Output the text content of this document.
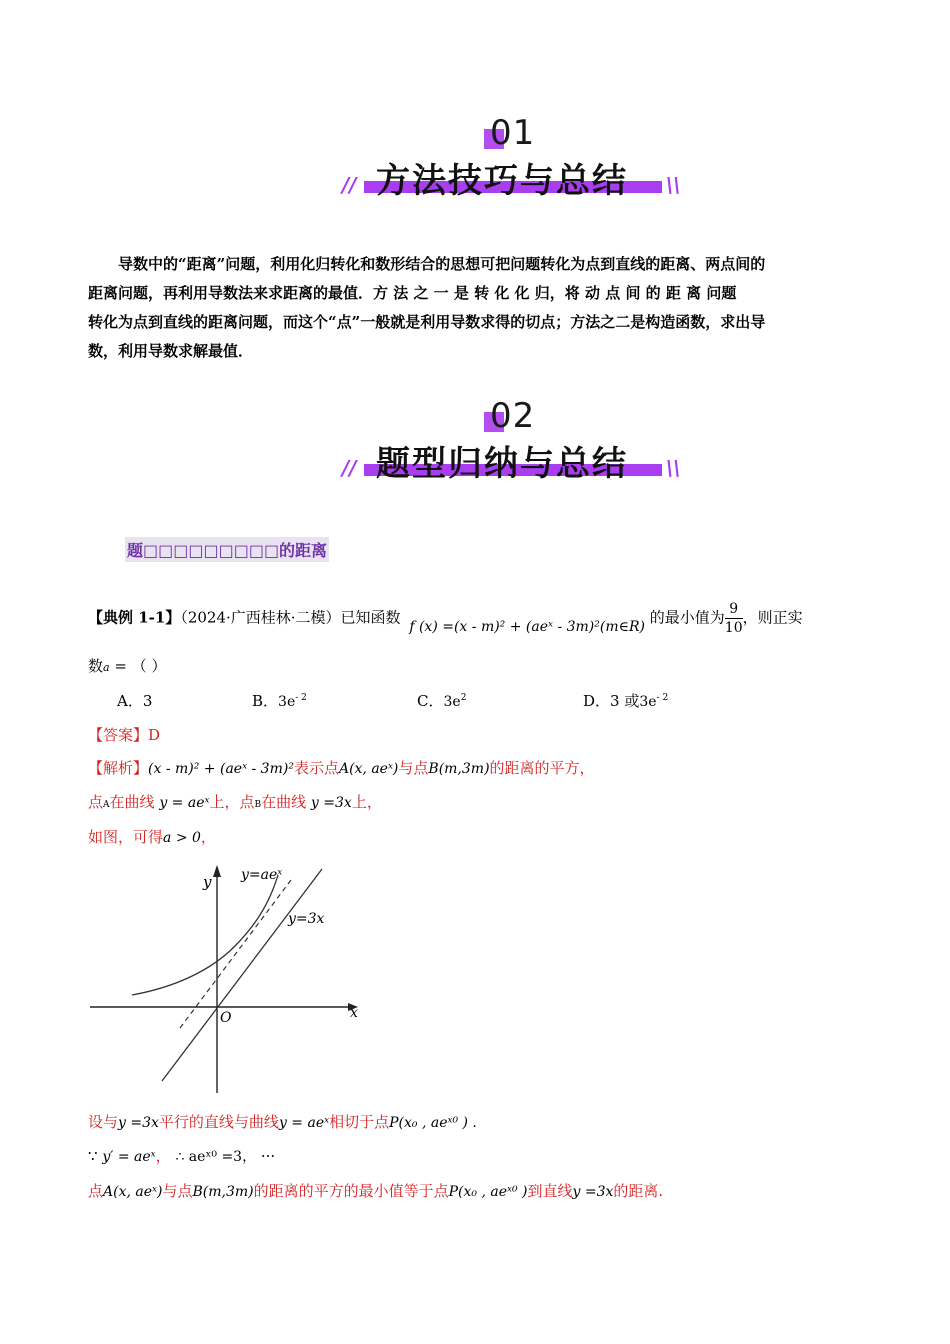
01
方法技巧与总结
//	\\
导数中的“距离”问题，利用化归转化和数形结合的思想可把问题转化为点到直线的距离、两点间的
距离问题，再利用导数法来求距离的最值．方 法 之 一 是 转 化 化 归，将 动 点 间 的 距 离 问题
转化为点到直线的距离问题，而这个“点”一般就是利用导数求得的切点；方法之二是构造函数，求出导
数，利用导数求解最值．
02
题型归纳与总结
//	\\
题□□□□□□□□□的距离
【典例 1-1】（2024·广西桂林·二模）已知函数 f (x) =(x - m)² + (aeˣ - 3m)²(m∈R) 的最小值为 $\frac{9}{10}$ ，则正实
数a = （ ）
A．3	B．$3e^{- 2}$	C．$3e^2$	D．3 或$3e^{- 2}$
【答案】D
【解析】(x - m)² + (aeˣ - 3m)²表示点A(x, aeˣ)与点B(m,3m)的距离的平方，
点A在曲线 y = aeˣ上，点B在曲线 y =3x上，
如图，可得a > 0，
y
x
O
y=aeˣ
y=3x
设与y =3x平行的直线与曲线y = aeˣ相切于点P(x₀ , aeˣ⁰ ) .
∵ y′ = aeˣ， ∴ aeˣ⁰ =3， ···
点A(x, aeˣ)与点B(m,3m)的距离的平方的最小值等于点P(x₀ , aeˣ⁰ )到直线y =3x的距离.
